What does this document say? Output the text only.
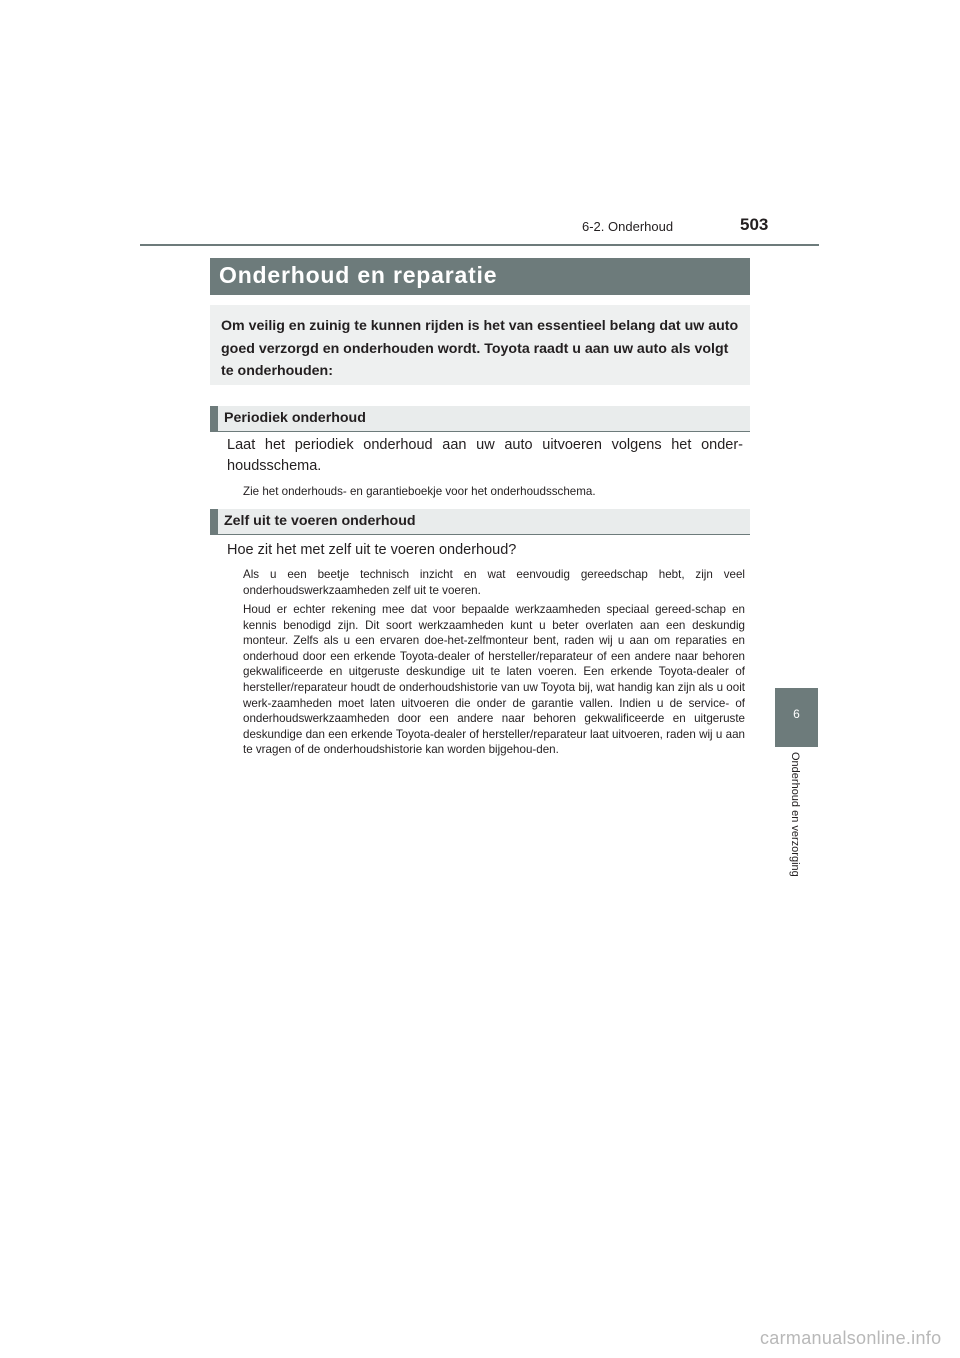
6-2. Onderhoud	503
Onderhoud en reparatie
Om veilig en zuinig te kunnen rijden is het van essentieel belang dat uw auto goed verzorgd en onderhouden wordt. Toyota raadt u aan uw auto als volgt te onderhouden:
Periodiek onderhoud
Laat het periodiek onderhoud aan uw auto uitvoeren volgens het onder-houdsschema.
Zie het onderhouds- en garantieboekje voor het onderhoudsschema.
Zelf uit te voeren onderhoud
Hoe zit het met zelf uit te voeren onderhoud?
Als u een beetje technisch inzicht en wat eenvoudig gereedschap hebt, zijn veel onderhoudswerkzaamheden zelf uit te voeren.
Houd er echter rekening mee dat voor bepaalde werkzaamheden speciaal gereed-schap en kennis benodigd zijn. Dit soort werkzaamheden kunt u beter overlaten aan een deskundig monteur. Zelfs als u een ervaren doe-het-zelfmonteur bent, raden wij u aan om reparaties en onderhoud door een erkende Toyota-dealer of hersteller/reparateur of een andere naar behoren gekwalificeerde en uitgeruste deskundige uit te laten voeren. Een erkende Toyota-dealer of hersteller/reparateur houdt de onderhoudshistorie van uw Toyota bij, wat handig kan zijn als u ooit werk-zaamheden moet laten uitvoeren die onder de garantie vallen. Indien u de service- of onderhoudswerkzaamheden door een andere naar behoren gekwalificeerde en uitgeruste deskundige dan een erkende Toyota-dealer of hersteller/reparateur laat uitvoeren, raden wij u aan te vragen of de onderhoudshistorie kan worden bijgehou-den.
6
Onderhoud en verzorging
carmanualsonline.info
